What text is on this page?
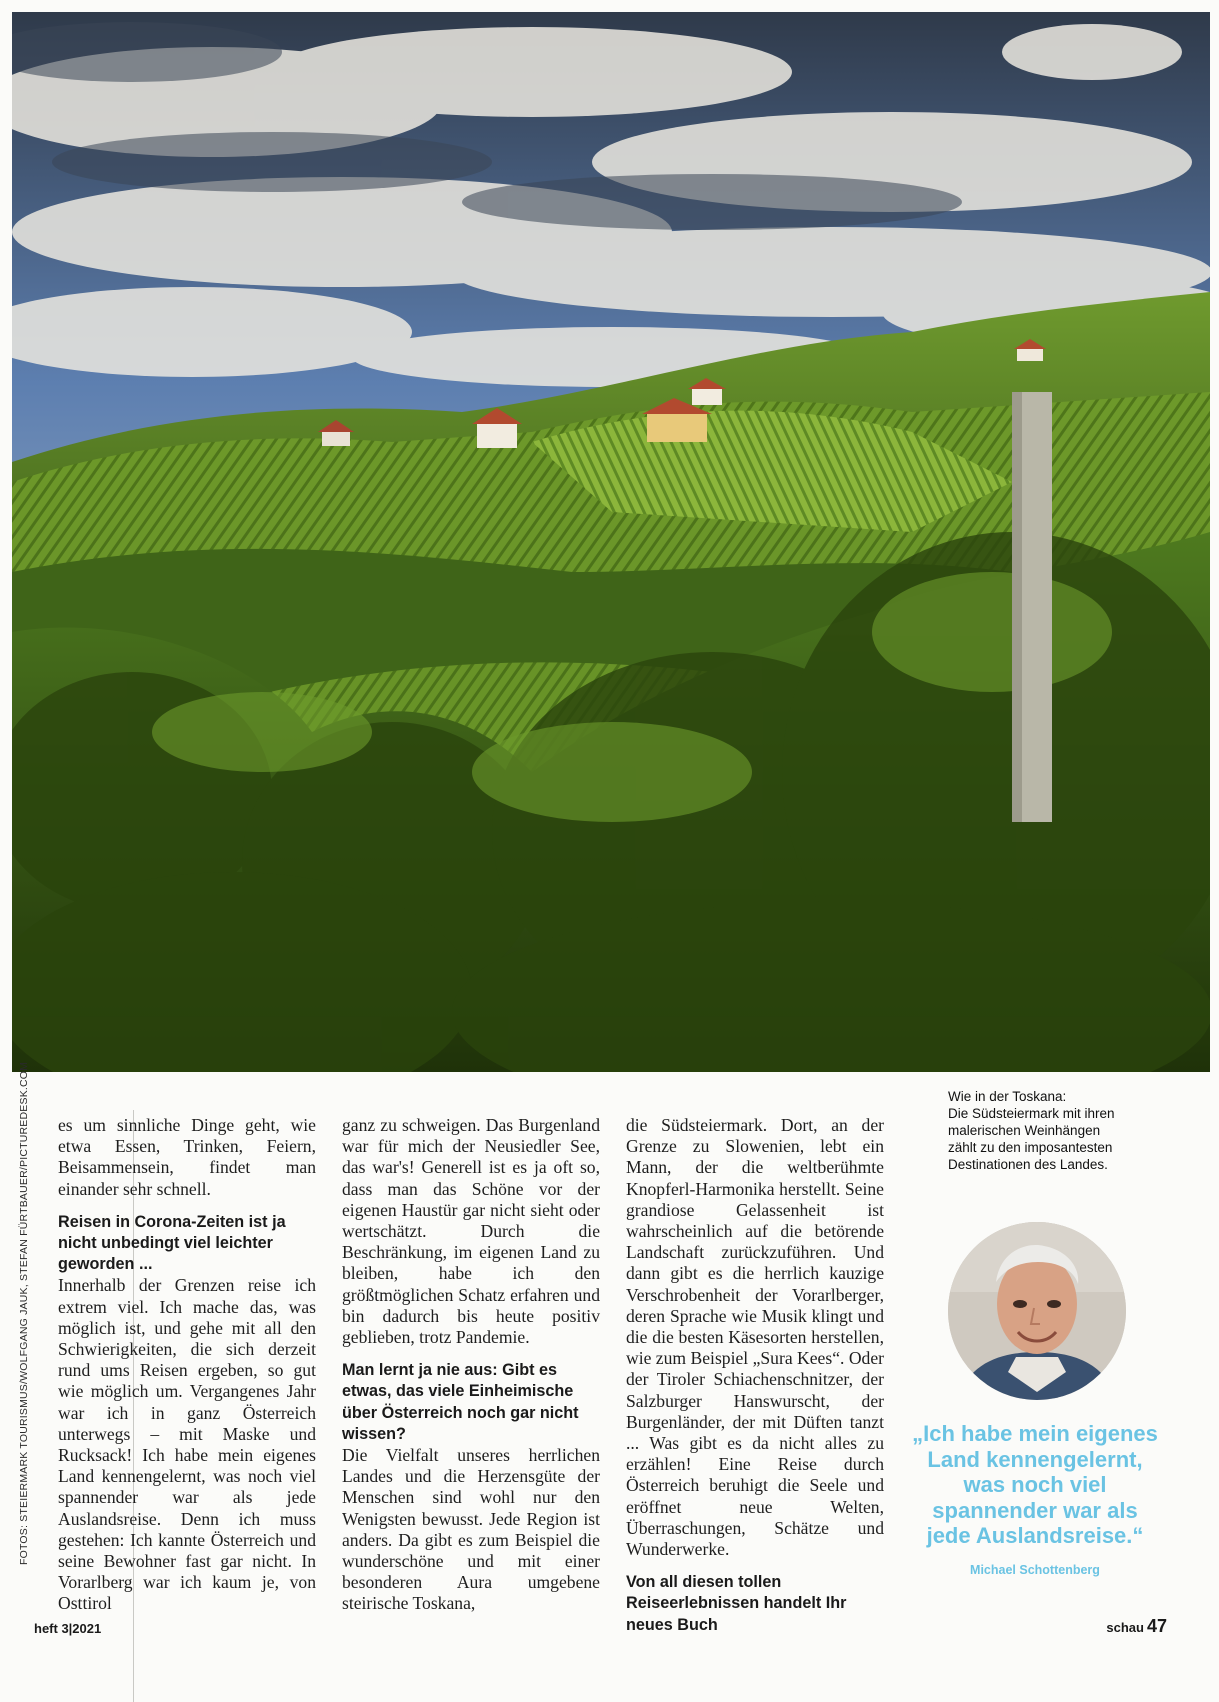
FOTOS: STEIERMARK TOURISMUS/WOLFGANG JAUK, STEFAN FÜRTBAUER/PICTUREDESK.COM es um sinnliche Dinge geht, wie etwa Essen, Trinken, Feiern, Beisammensein, findet man einander sehr schnell.

Reisen in Corona-Zeiten ist ja nicht unbedingt viel leichter geworden ...

Innerhalb der Grenzen reise ich extrem viel. Ich mache das, was möglich ist, und gehe mit all den Schwierigkeiten, die sich derzeit rund ums Reisen ergeben, so gut wie möglich um. Vergangenes Jahr war ich in ganz Österreich unterwegs – mit Maske und Rucksack! Ich habe mein eigenes Land kennengelernt, was noch viel spannender war als jede Auslandsreise. Denn ich muss gestehen: Ich kannte Österreich und seine Bewohner fast gar nicht. In Vorarlberg war ich kaum je, von Osttirol

ganz zu schweigen. Das Burgenland war für mich der Neusiedler See, das war's! Generell ist es ja oft so, dass man das Schöne vor der eigenen Haustür gar nicht sieht oder wertschätzt. Durch die Beschränkung, im eigenen Land zu bleiben, habe ich den größtmöglichen Schatz erfahren und bin dadurch bis heute positiv geblieben, trotz Pandemie.

Man lernt ja nie aus: Gibt es etwas, das viele Einheimische über Österreich noch gar nicht wissen?

Die Vielfalt unseres herrlichen Landes und die Herzensgüte der Menschen sind wohl nur den Wenigsten bewusst. Jede Region ist anders. Da gibt es zum Beispiel die wunderschöne und mit einer besonderen Aura umgebene steirische Toskana,

die Südsteiermark. Dort, an der Grenze zu Slowenien, lebt ein Mann, der die weltberühmte Knopferl-Harmonika herstellt. Seine grandiose Gelassenheit ist wahrscheinlich auf die betörende Landschaft zurückzuführen. Und dann gibt es die herrlich kauzige Verschrobenheit der Vorarlberger, deren Sprache wie Musik klingt und die die besten Käsesorten herstellen, wie zum Beispiel „Sura Kees“. Oder der Tiroler Schiachenschnitzer, der Salzburger Hanswurscht, der Burgenländer, der mit Düften tanzt ... Was gibt es da nicht alles zu erzählen! Eine Reise durch Österreich beruhigt die Seele und eröffnet neue Welten, Überraschungen, Schätze und Wunderwerke.

Von all diesen tollen Reiseerlebnissen handelt Ihr neues Buch
Wie in der Toskana:
Die Südsteiermark mit ihren
malerischen Weinhängen
zählt zu den imposantesten
Destinationen des Landes.
„Ich habe mein eigenes
Land kennengelernt,
was noch viel
spannender war als
jede Auslandsreise.“
Michael Schottenberg
heft 3|2021	schau 47
